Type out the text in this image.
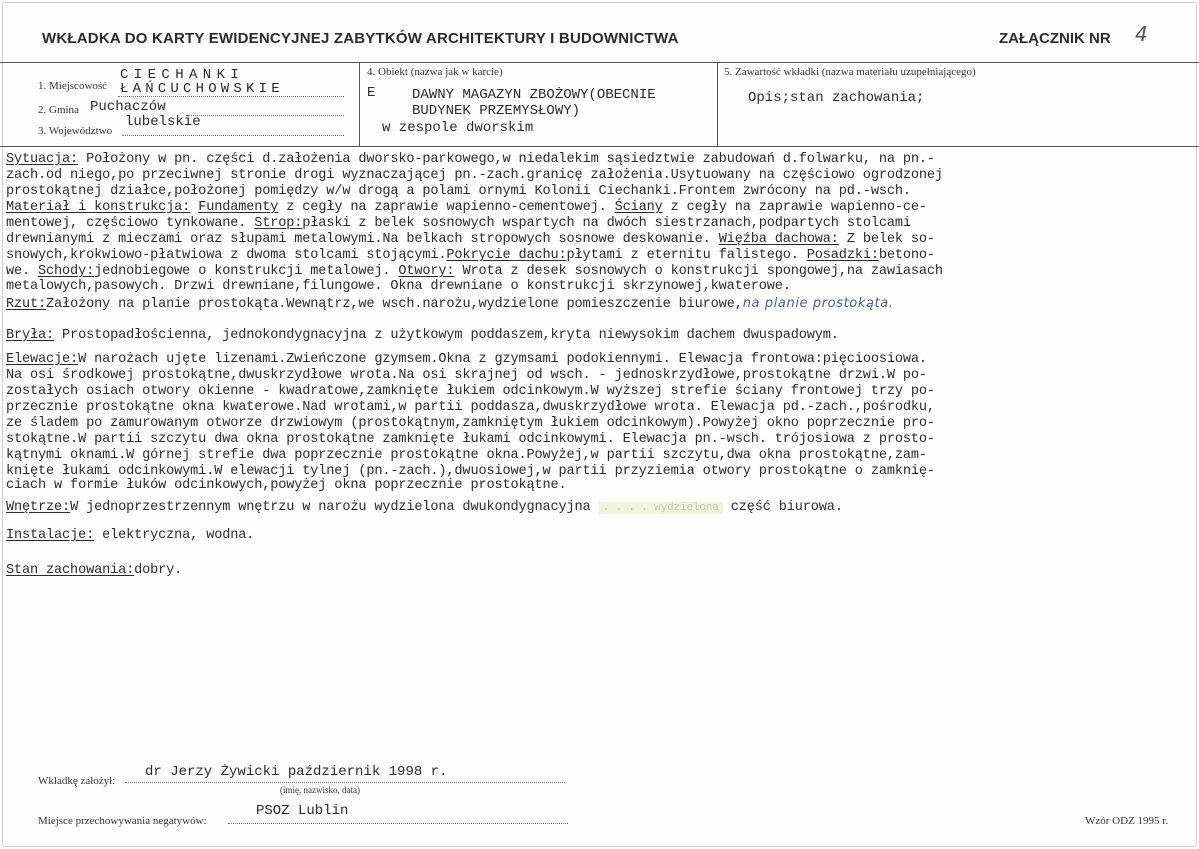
WKŁADKA DO KARTY EWIDENCYJNEJ ZABYTKÓW ARCHITEKTURY I BUDOWNICTWA	ZAŁĄCZNIK NR 4
1. Miejscowość
CIECHANKI
ŁAŃCUCHOWSKIE
2. Gmina Puchaczów
3. Województwo
lubelskie
4. Obiekt (nazwa jak w karcie)
E	DAWNY MAGAZYN ZBOŻOWY(OBECNIE
BUDYNEK PRZEMYSŁOWY)
w zespole dworskim
5. Zawartość wkładki (nazwa materiału uzupełniającego)
Opis;stan zachowania;
Sytuacja: Położony w pn. części d.założenia dworsko-parkowego,w niedalekim sąsiedztwie zabudowań d.folwarku, na pn.-
zach.od niego,po przeciwnej stronie drogi wyznaczającej pn.-zach.granicę założenia.Usytuowany na częściowo ogrodzonej
prostokątnej działce,położonej pomiędzy w/w drogą a polami ornymi Kolonii Ciechanki.Frontem zwrócony na pd.-wsch.
Materiał i konstrukcja: Fundamenty z cegły na zaprawie wapienno-cementowej. Ściany z cegły na zaprawie wapienno-ce-
mentowej, częściowo tynkowane. Strop:płaski z belek sosnowych wspartych na dwóch siestrzanach,podpartych stolcami
drewnianymi z mieczami oraz słupami metalowymi.Na belkach stropowych sosnowe deskowanie. Więźba dachowa: Z belek so-
snowych,krokwiowo-płatwiowa z dwoma stolcami stojącymi.Pokrycie dachu:płytami z eternitu falistego. Posadzki:betono-
we. Schody:jednobiegowe o konstrukcji metalowej. Otwory: Wrota z desek sosnowych o konstrukcji spongowej,na zawiasach
metalowych,pasowych. Drzwi drewniane,filungowe. Okna drewniane o konstrukcji skrzynowej,kwaterowe.
Rzut:Założony na planie prostokąta.Wewnątrz,we wsch.narożu,wydzielone pomieszczenie biurowe,na planie prostokąta.
Bryła: Prostopadłościenna, jednokondygnacyjna z użytkowym poddaszem,kryta niewysokim dachem dwuspadowym.
Elewacje:W narożach ujęte lizenami.Zwieńczone gzymsem.Okna z gzymsami podokiennymi. Elewacja frontowa:pięcioosiowa.
Na osi środkowej prostokątne,dwuskrzydłowe wrota.Na osi skrajnej od wsch. - jednoskrzydłowe,prostokątne drzwi.W po-
zostałych osiach otwory okienne - kwadratowe,zamknięte łukiem odcinkowym.W wyższej strefie ściany frontowej trzy po-
przecznie prostokątne okna kwaterowe.Nad wrotami,w partii poddasza,dwuskrzydłowe wrota. Elewacja pd.-zach.,pośrodku,
ze śladem po zamurowanym otworze drzwiowym (prostokątnym,zamkniętym łukiem odcinkowym).Powyżej okno poprzecznie pro-
stokątne.W partii szczytu dwa okna prostokątne zamknięte łukami odcinkowymi. Elewacja pn.-wsch. trójosiowa z prosto-
kątnymi oknami.W górnej strefie dwa poprzecznie prostokątne okna.Powyżej,w partii szczytu,dwa okna prostokątne,zam-
knięte łukami odcinkowymi.W elewacji tylnej (pn.-zach.),dwuosiowej,w partii przyziemia otwory prostokątne o zamknię-
ciach w formie łuków odcinkowych,powyżej okna poprzecznie prostokątne.
Wnętrze:W jednoprzestrzennym wnętrzu w narożu wydzielona dwukondygnacyjna . . . . wydzielona część biurowa.
Instalacje: elektryczna, wodna.
Stan zachowania:dobry.
Wkładkę założył:
dr Jerzy Żywicki październik 1998 r.
(imię, nazwisko, data)
Miejsce przechowywania negatywów:
PSOZ Lublin
Wzór ODZ 1995 r.
